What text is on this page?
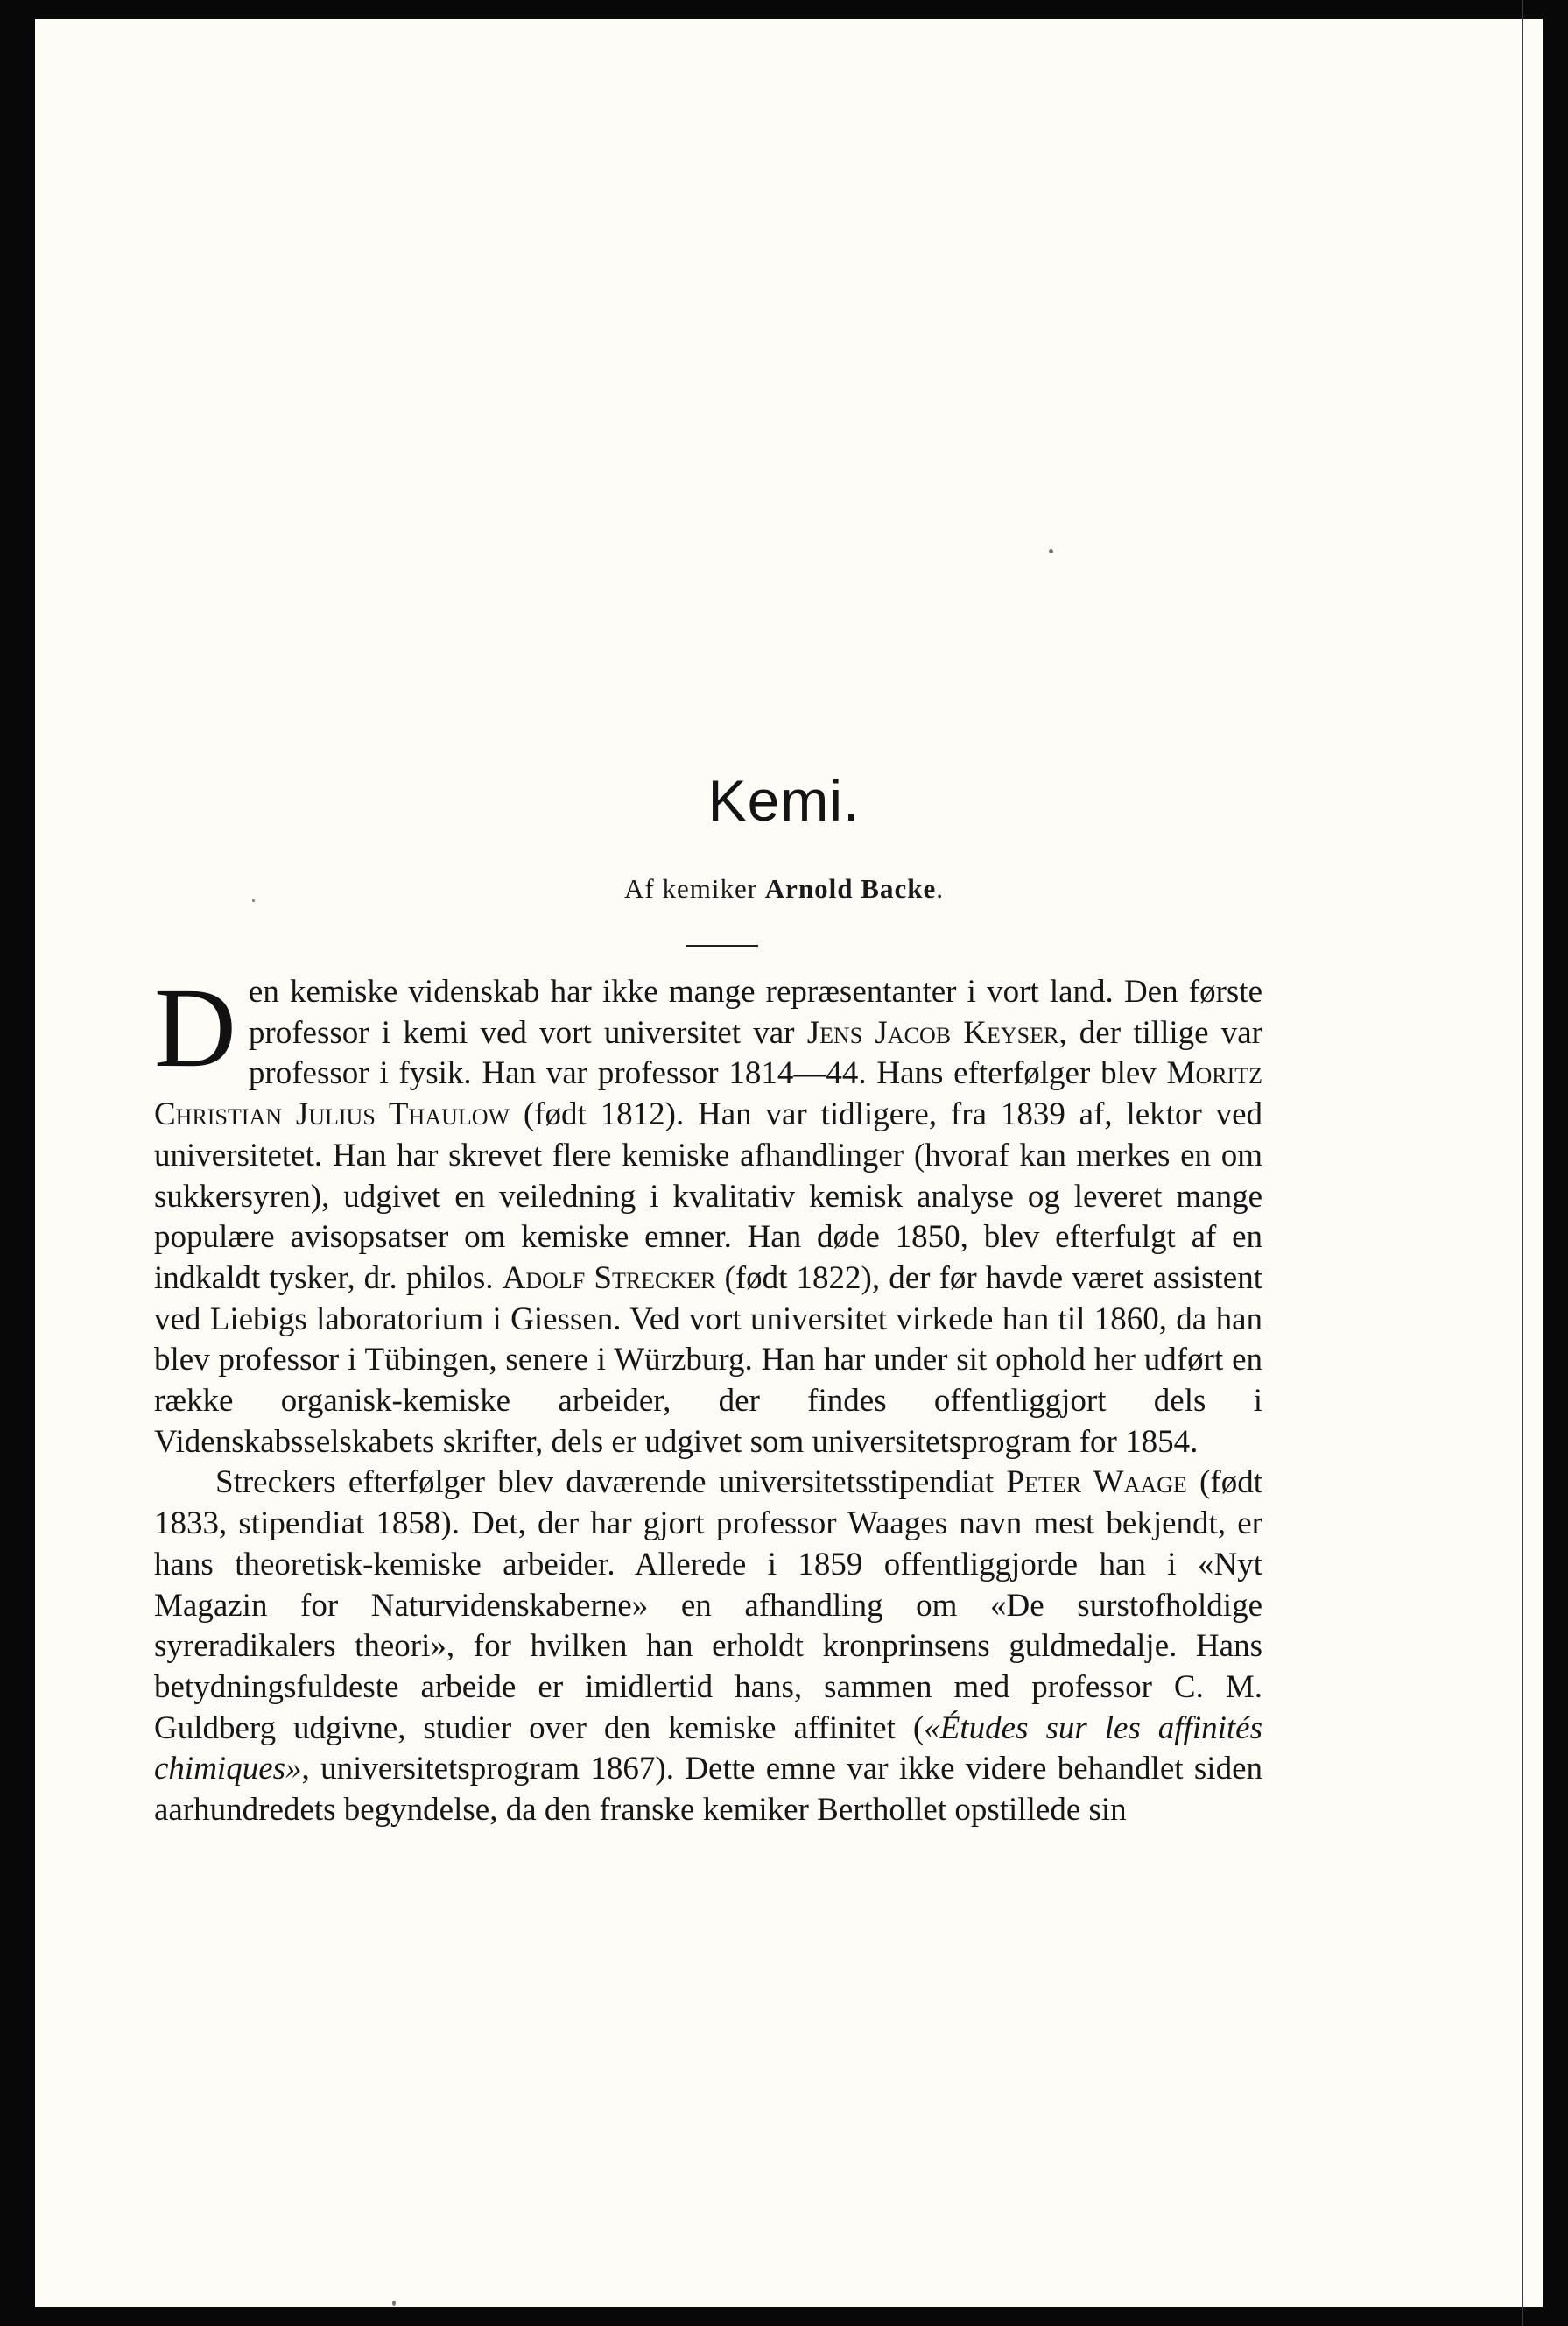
Kemi.
Af kemiker Arnold Backe.

Den kemiske videnskab har ikke mange repræsentanter i vort land. Den første professor i kemi ved vort universitet var Jens Jacob Keyser, der tillige var professor i fysik. Han var professor 1814—44. Hans efterfølger blev Moritz Christian Julius Thaulow (født 1812). Han var tidligere, fra 1839 af, lektor ved universitetet. Han har skrevet flere kemiske afhandlinger (hvoraf kan merkes en om sukkersyren), udgivet en veiledning i kvalitativ kemisk analyse og leveret mange populære avisopsatser om kemiske emner. Han døde 1850, blev efterfulgt af en indkaldt tysker, dr. philos. Adolf Strecker (født 1822), der før havde været assistent ved Liebigs laboratorium i Giessen. Ved vort universitet virkede han til 1860, da han blev professor i Tübingen, senere i Würzburg. Han har under sit ophold her udført en række organisk-kemiske arbeider, der findes offentliggjort dels i Videnskabsselskabets skrifter, dels er udgivet som universitetsprogram for 1854.

Streckers efterfølger blev daværende universitetsstipendiat Peter Waage (født 1833, stipendiat 1858). Det, der har gjort professor Waages navn mest bekjendt, er hans theoretisk-kemiske arbeider. Allerede i 1859 offentliggjorde han i «Nyt Magazin for Naturvidenskaberne» en afhandling om «De surstofholdige syreradikalers theori», for hvilken han erholdt kronprinsens guldmedalje. Hans betydningsfuldeste arbeide er imidlertid hans, sammen med professor C. M. Guldberg udgivne, studier over den kemiske affinitet («Études sur les affinités chimiques», universitetsprogram 1867). Dette emne var ikke videre behandlet siden aarhundredets begyndelse, da den franske kemiker Berthollet opstillede sin
